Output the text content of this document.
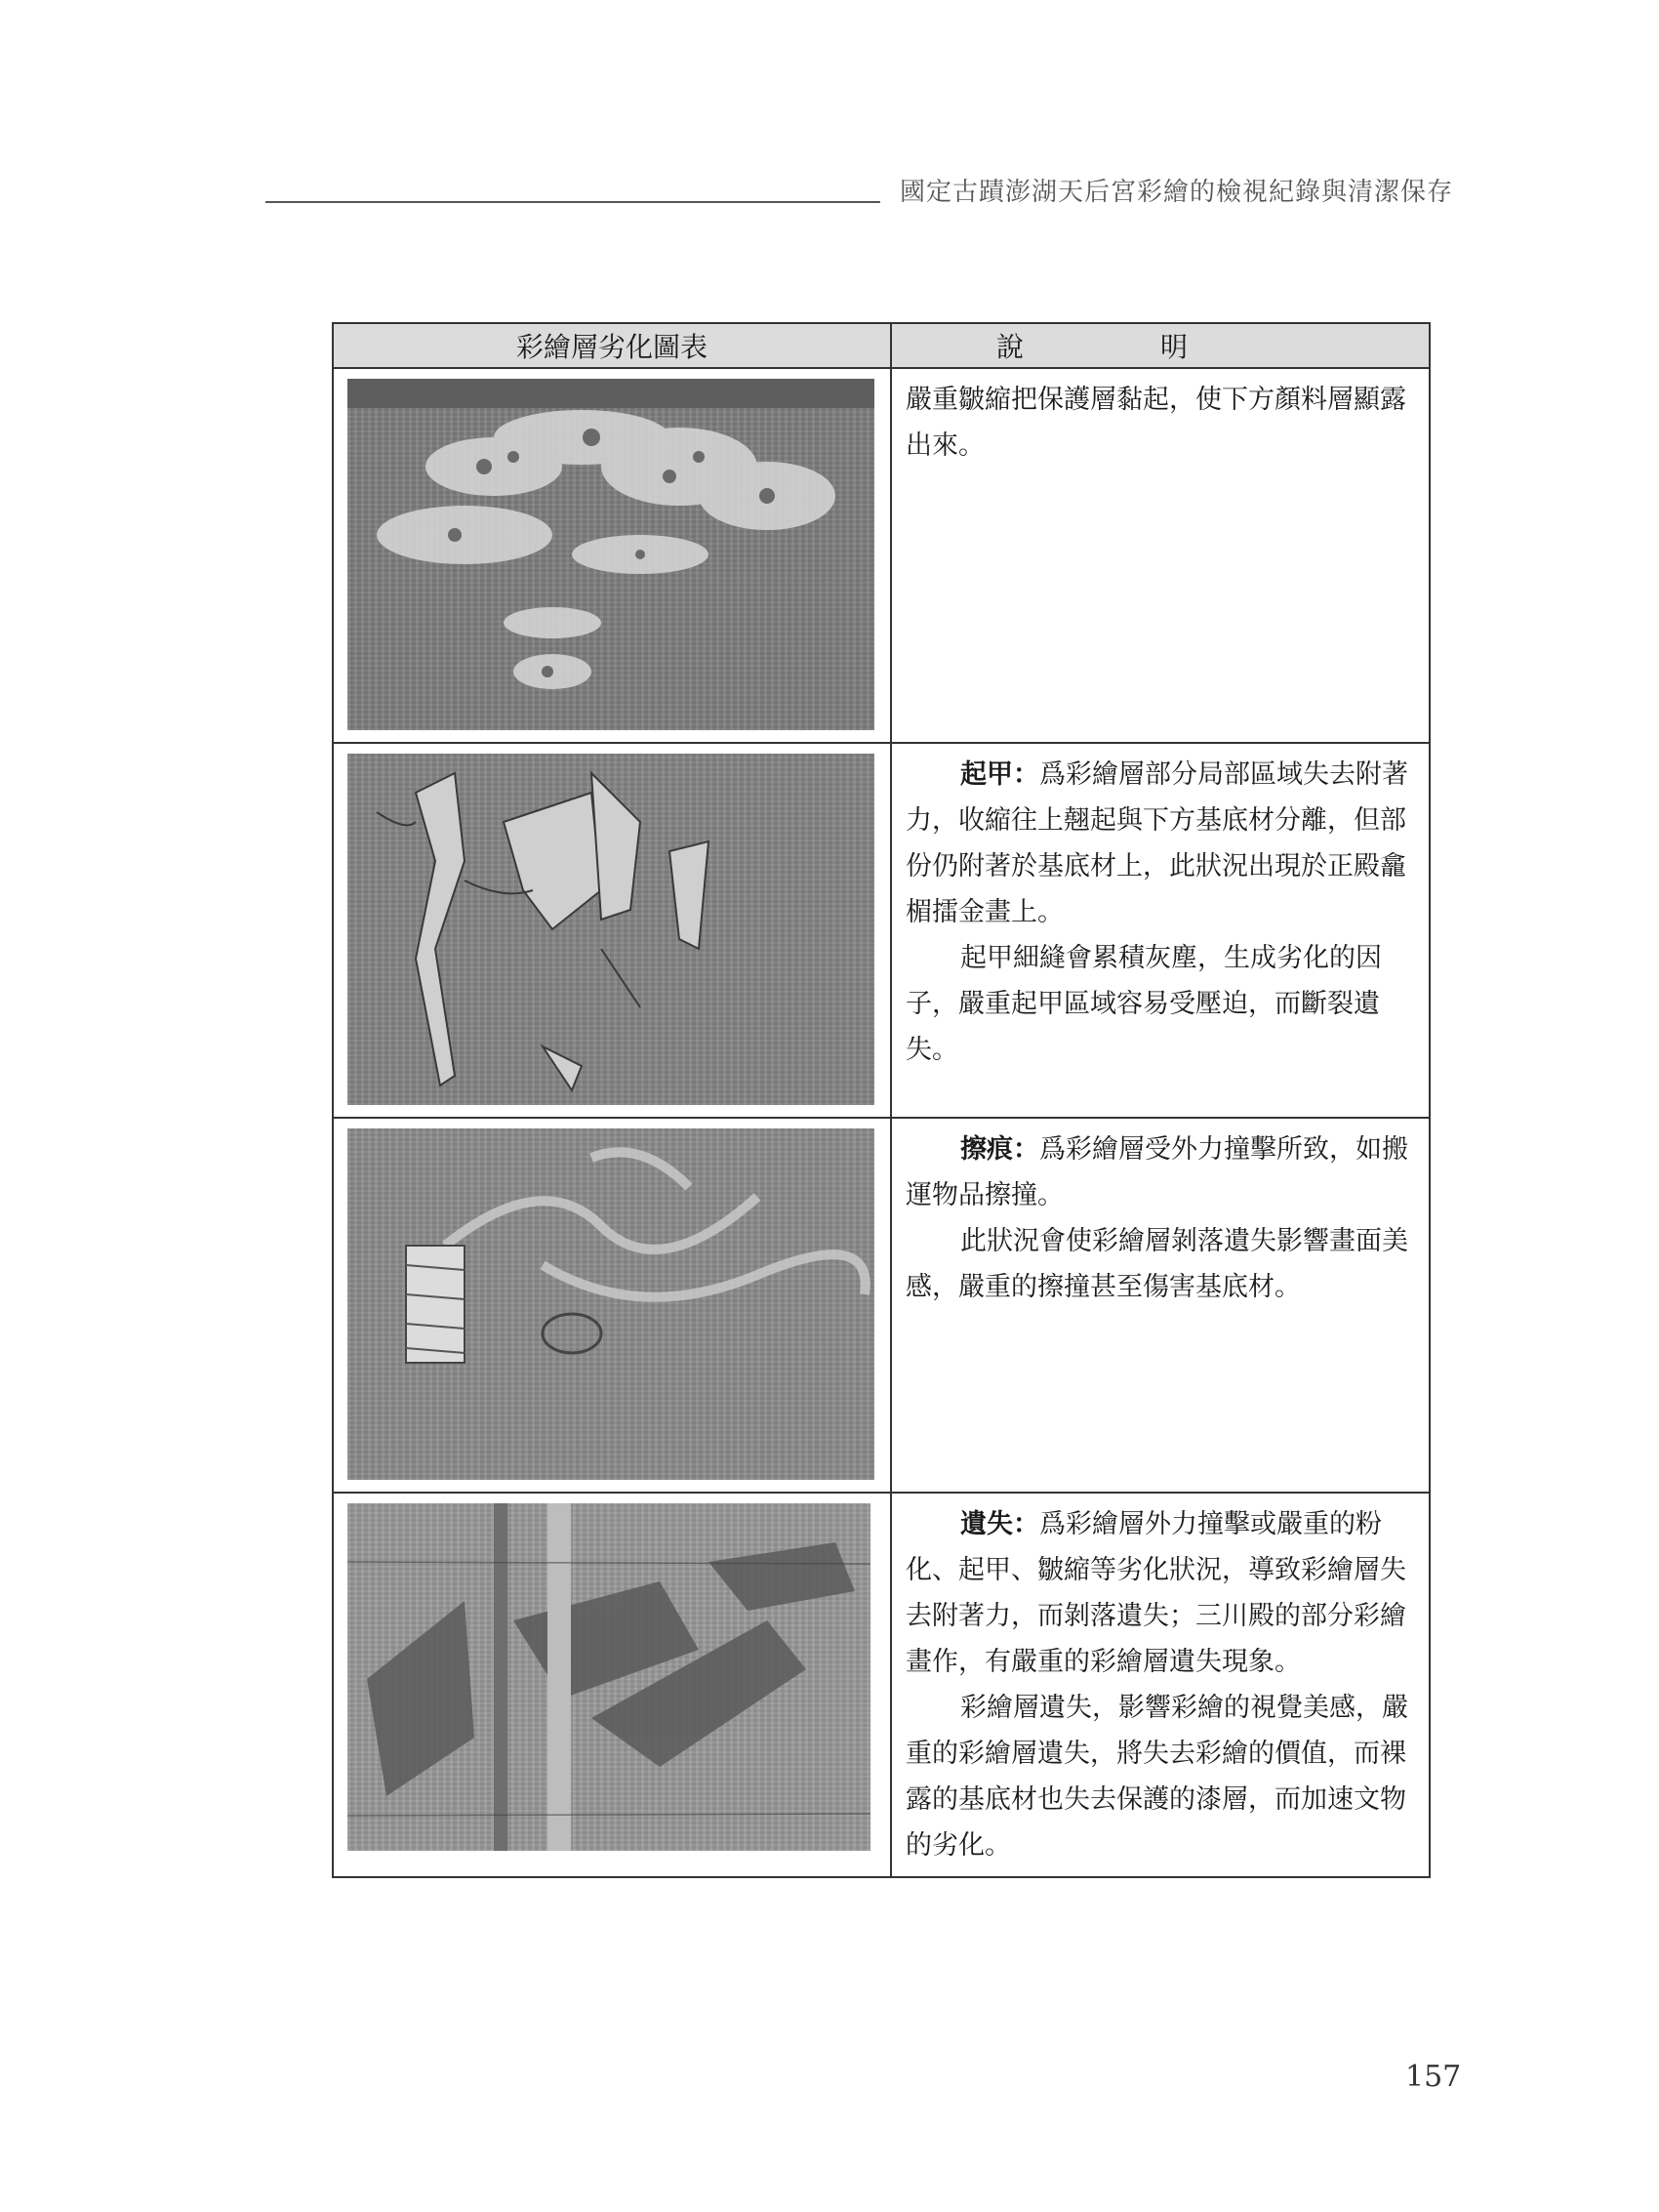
國定古蹟澎湖天后宮彩繪的檢視紀錄與清潔保存
彩繪層劣化圖表	說明

嚴重皺縮把保護層黏起，使下方顏料層顯露出來。

起甲：爲彩繪層部分局部區域失去附著力，收縮往上翹起與下方基底材分離，但部份仍附著於基底材上，此狀況出現於正殿龕楣擂金畫上。

起甲細縫會累積灰塵，生成劣化的因子，嚴重起甲區域容易受壓迫，而斷裂遺失。

擦痕：爲彩繪層受外力撞擊所致，如搬運物品擦撞。

此狀況會使彩繪層剝落遺失影響畫面美感，嚴重的擦撞甚至傷害基底材。

遺失：爲彩繪層外力撞擊或嚴重的粉化、起甲、皺縮等劣化狀況，導致彩繪層失去附著力，而剝落遺失；三川殿的部分彩繪畫作，有嚴重的彩繪層遺失現象。

彩繪層遺失，影響彩繪的視覺美感，嚴重的彩繪層遺失，將失去彩繪的價值，而裸露的基底材也失去保護的漆層，而加速文物的劣化。

157
